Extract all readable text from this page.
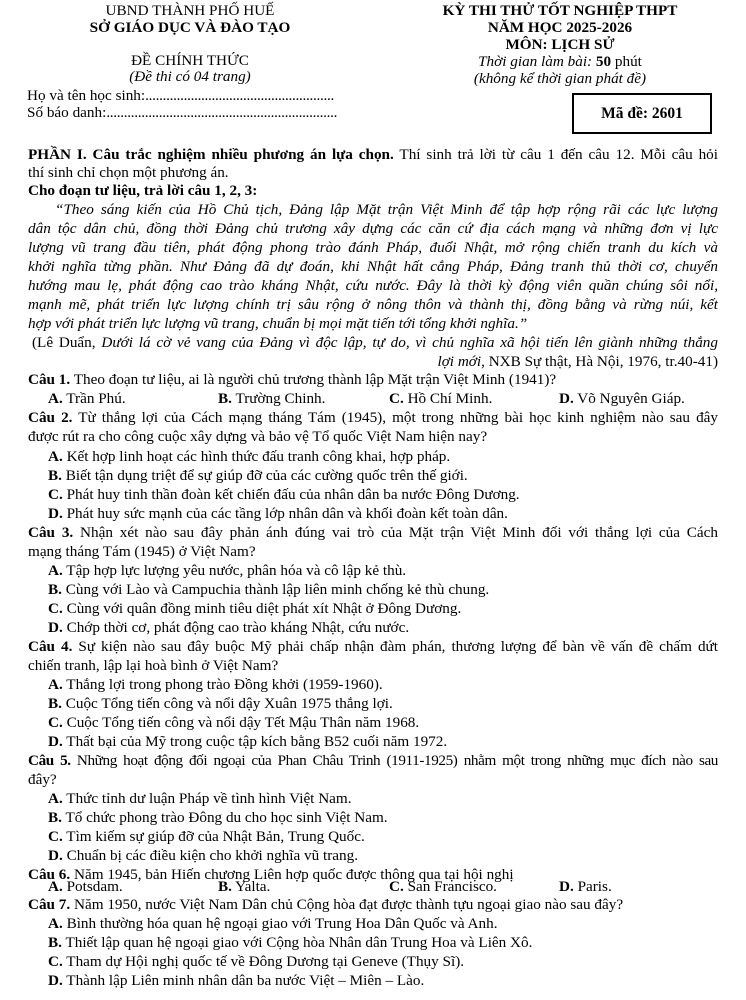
UBND THÀNH PHỐ HUẾ
SỞ GIÁO DỤC VÀ ĐÀO TẠO
ĐỀ CHÍNH THỨC
(Đề thi có 04 trang)
KỲ THI THỬ TỐT NGHIỆP THPT
NĂM HỌC 2025-2026
MÔN: LỊCH SỬ
Thời gian làm bài: 50 phút
(không kể thời gian phát đề)
Họ và tên học sinh:......................................................
Số báo danh:..................................................................	Mã đề: 2601
PHẦN I. Câu trắc nghiệm nhiều phương án lựa chọn. Thí sinh trả lời từ câu 1 đến câu 12. Mỗi câu hỏi
thí sinh chỉ chọn một phương án.
Cho đoạn tư liệu, trả lời câu 1, 2, 3:
“Theo sáng kiến của Hồ Chủ tịch, Đảng lập Mặt trận Việt Minh để tập hợp rộng rãi các lực lượng
dân tộc dân chủ, đồng thời Đảng chủ trương xây dựng các căn cứ địa cách mạng và những đơn vị lực
lượng vũ trang đầu tiên, phát động phong trào đánh Pháp, đuổi Nhật, mở rộng chiến tranh du kích và
khởi nghĩa từng phần. Như Đảng đã dự đoán, khi Nhật hất cẳng Pháp, Đảng tranh thủ thời cơ, chuyển
hướng mau lẹ, phát động cao trào kháng Nhật, cứu nước. Đây là thời kỳ động viên quần chúng sôi nổi,
mạnh mẽ, phát triển lực lượng chính trị sâu rộng ở nông thôn và thành thị, đồng bằng và rừng núi, kết
hợp với phát triển lực lượng vũ trang, chuẩn bị mọi mặt tiến tới tổng khởi nghĩa.”
(Lê Duẩn, Dưới lá cờ vẻ vang của Đảng vì độc lập, tự do, vì chủ nghĩa xã hội tiến lên giành những thắng
lợi mới, NXB Sự thật, Hà Nội, 1976, tr.40-41)
Câu 1. Theo đoạn tư liệu, ai là người chủ trương thành lập Mặt trận Việt Minh (1941)?
A. Trần Phú.	B. Trường Chinh.	C. Hồ Chí Minh.	D. Võ Nguyên Giáp.
Câu 2. Từ thắng lợi của Cách mạng tháng Tám (1945), một trong những bài học kinh nghiệm nào sau đây
được rút ra cho công cuộc xây dựng và bảo vệ Tổ quốc Việt Nam hiện nay?
A. Kết hợp linh hoạt các hình thức đấu tranh công khai, hợp pháp.
B. Biết tận dụng triệt để sự giúp đỡ của các cường quốc trên thế giới.
C. Phát huy tinh thần đoàn kết chiến đấu của nhân dân ba nước Đông Dương.
D. Phát huy sức mạnh của các tầng lớp nhân dân và khối đoàn kết toàn dân.
Câu 3. Nhận xét nào sau đây phản ánh đúng vai trò của Mặt trận Việt Minh đối với thắng lợi của Cách
mạng tháng Tám (1945) ở Việt Nam?
A. Tập hợp lực lượng yêu nước, phân hóa và cô lập kẻ thù.
B. Cùng với Lào và Campuchia thành lập liên minh chống kẻ thù chung.
C. Cùng với quân đồng minh tiêu diệt phát xít Nhật ở Đông Dương.
D. Chớp thời cơ, phát động cao trào kháng Nhật, cứu nước.
Câu 4. Sự kiện nào sau đây buộc Mỹ phải chấp nhận đàm phán, thương lượng để bàn về vấn đề chấm dứt
chiến tranh, lập lại hoà bình ở Việt Nam?
A. Thắng lợi trong phong trào Đồng khởi (1959-1960).
B. Cuộc Tổng tiến công và nổi dậy Xuân 1975 thắng lợi.
C. Cuộc Tổng tiến công và nổi dậy Tết Mậu Thân năm 1968.
D. Thất bại của Mỹ trong cuộc tập kích bằng B52 cuối năm 1972.
Câu 5. Những hoạt động đối ngoại của Phan Châu Trinh (1911-1925) nhằm một trong những mục đích nào sau
đây?
A. Thức tỉnh dư luận Pháp về tình hình Việt Nam.
B. Tổ chức phong trào Đông du cho học sinh Việt Nam.
C. Tìm kiếm sự giúp đỡ của Nhật Bản, Trung Quốc.
D. Chuẩn bị các điều kiện cho khởi nghĩa vũ trang.
Câu 6. Năm 1945, bản Hiến chương Liên hợp quốc được thông qua tại hội nghị
A. Potsdam.	B. Yalta.	C. San Francisco.	D. Paris.
Câu 7. Năm 1950, nước Việt Nam Dân chủ Cộng hòa đạt được thành tựu ngoại giao nào sau đây?
A. Bình thường hóa quan hệ ngoại giao với Trung Hoa Dân Quốc và Anh.
B. Thiết lập quan hệ ngoại giao với Cộng hòa Nhân dân Trung Hoa và Liên Xô.
C. Tham dự Hội nghị quốc tế về Đông Dương tại Geneve (Thụy Sĩ).
D. Thành lập Liên minh nhân dân ba nước Việt – Miên – Lào.
